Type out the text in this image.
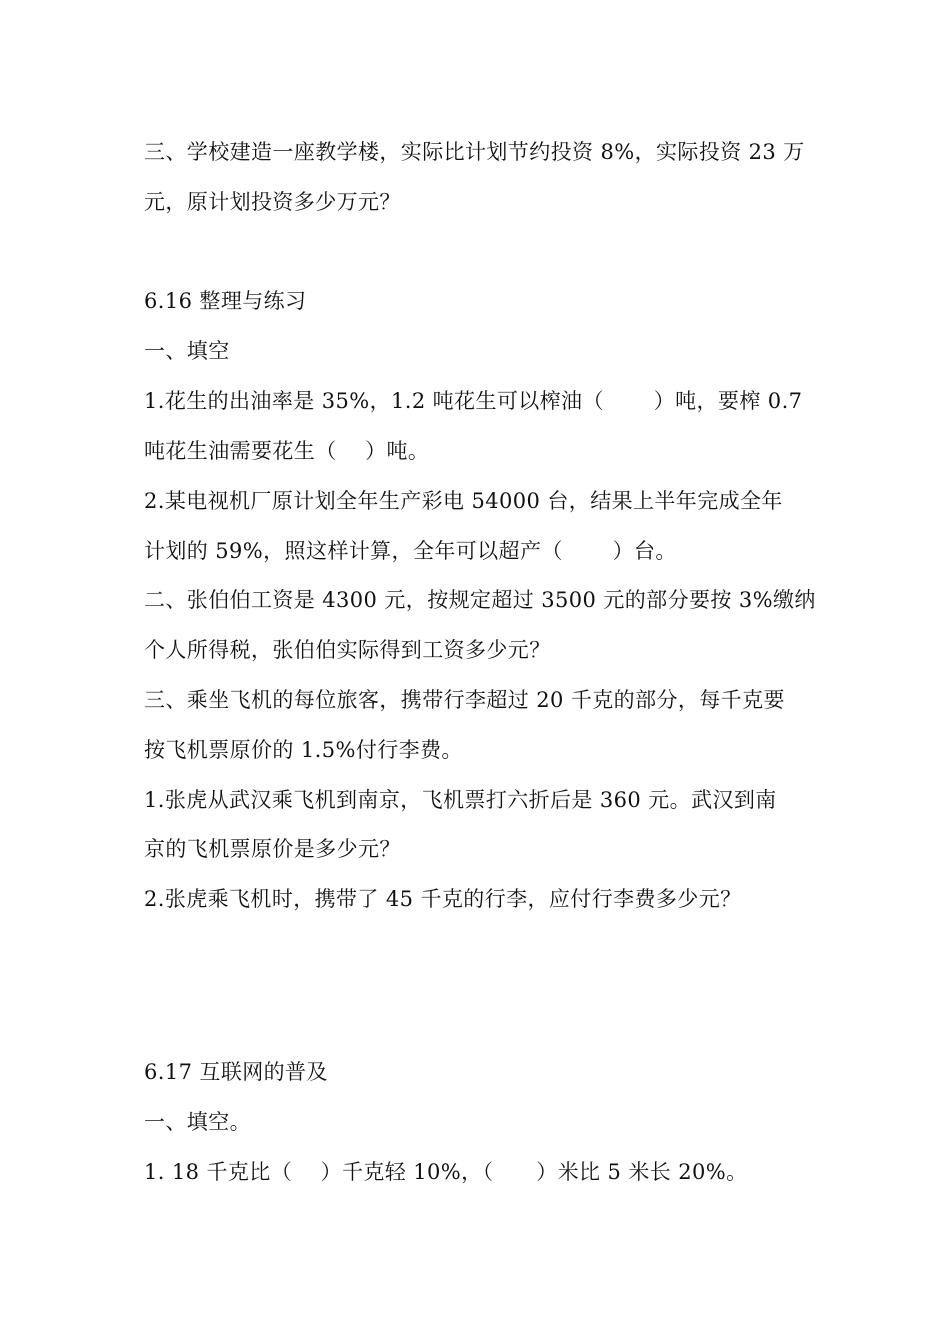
三、学校建造一座教学楼，实际比计划节约投资 8%，实际投资 23 万
元，原计划投资多少万元？
6.16 整理与练习
一、填空
1.花生的出油率是 35%，1.2 吨花生可以榨油（　　 ）吨，要榨 0.7
吨花生油需要花生（　 ）吨。
2.某电视机厂原计划全年生产彩电 54000 台，结果上半年完成全年
计划的 59%，照这样计算，全年可以超产（　　 ）台。
二、张伯伯工资是 4300 元，按规定超过 3500 元的部分要按 3%缴纳
个人所得税，张伯伯实际得到工资多少元？
三、乘坐飞机的每位旅客，携带行李超过 20 千克的部分，每千克要
按飞机票原价的 1.5%付行李费。
1.张虎从武汉乘飞机到南京，飞机票打六折后是 360 元。武汉到南
京的飞机票原价是多少元？
2.张虎乘飞机时，携带了 45 千克的行李，应付行李费多少元？
6.17 互联网的普及
一、填空。
1. 18 千克比（　 ）千克轻 10%，（　　）米比 5 米长 20%。
